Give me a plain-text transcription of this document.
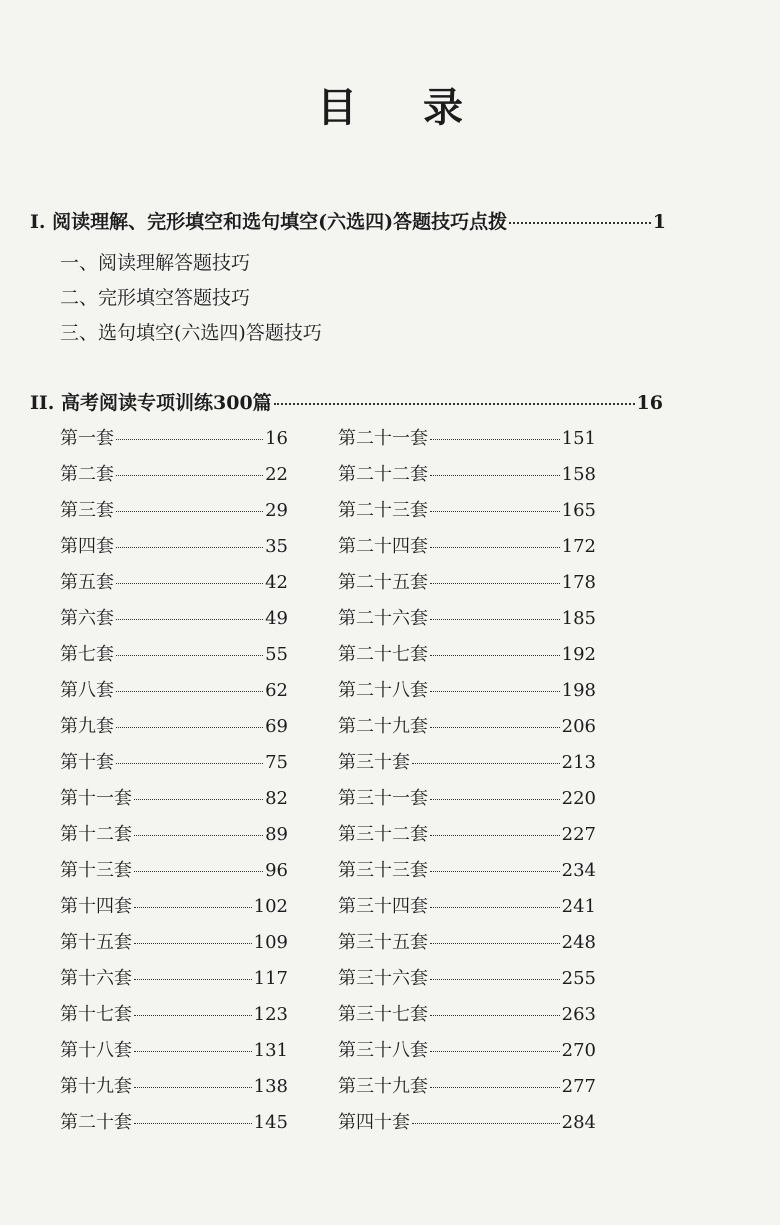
目 录
I. 阅读理解、完形填空和选句填空(六选四)答题技巧点拨	1
一、阅读理解答题技巧
二、完形填空答题技巧
三、选句填空(六选四)答题技巧
II. 高考阅读专项训练300篇	16
第一套	16
第二套	22
第三套	29
第四套	35
第五套	42
第六套	49
第七套	55
第八套	62
第九套	69
第十套	75
第十一套	82
第十二套	89
第十三套	96
第十四套	102
第十五套	109
第十六套	117
第十七套	123
第十八套	131
第十九套	138
第二十套	145
第二十一套	151
第二十二套	158
第二十三套	165
第二十四套	172
第二十五套	178
第二十六套	185
第二十七套	192
第二十八套	198
第二十九套	206
第三十套	213
第三十一套	220
第三十二套	227
第三十三套	234
第三十四套	241
第三十五套	248
第三十六套	255
第三十七套	263
第三十八套	270
第三十九套	277
第四十套	284
